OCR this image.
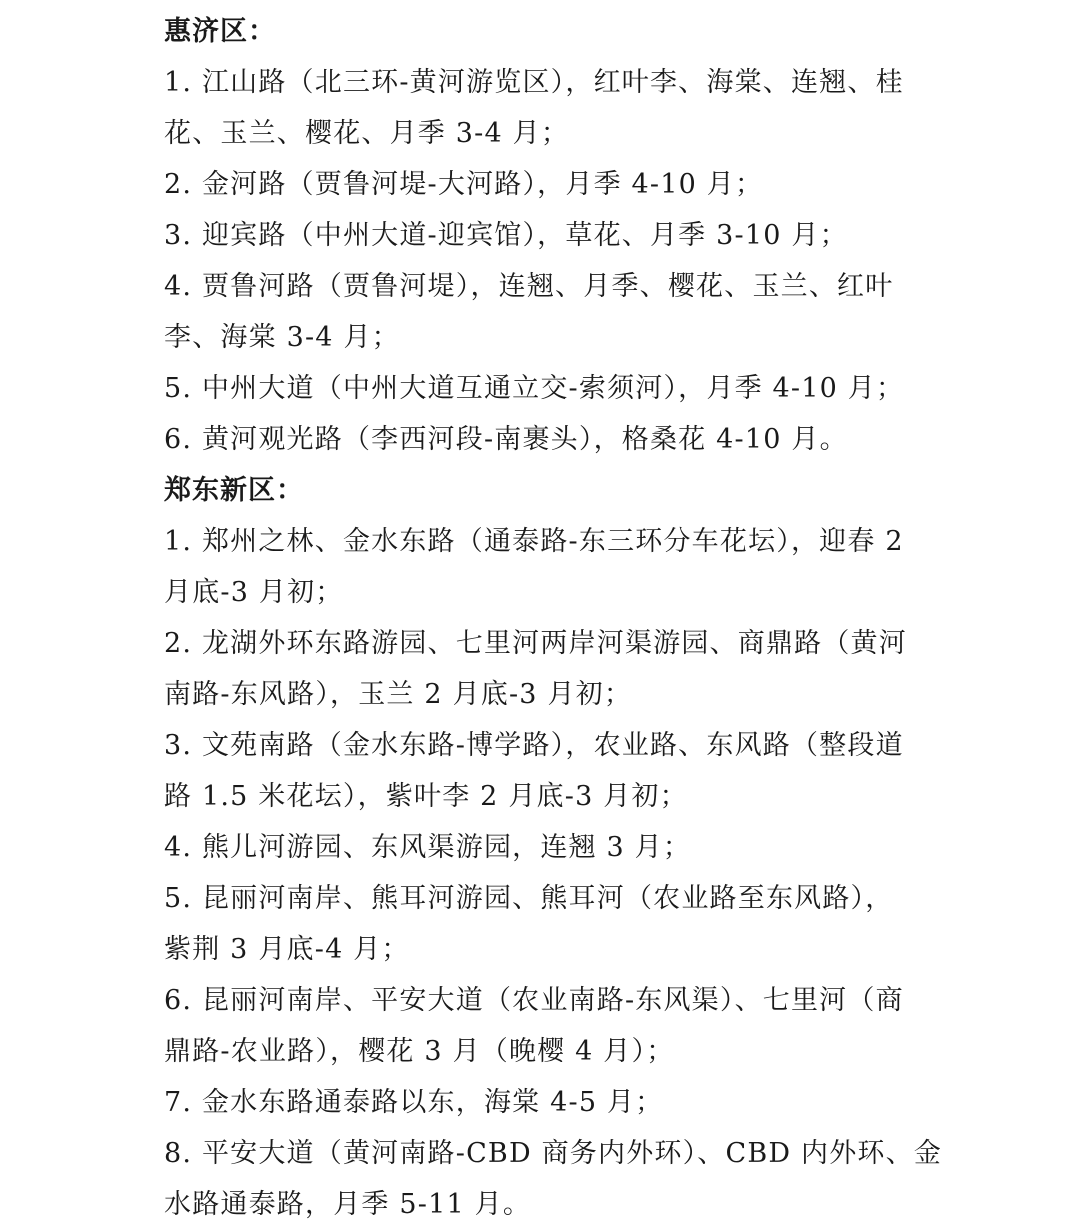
惠济区：
1. 江山路（北三环-黄河游览区），红叶李、海棠、连翘、桂
花、玉兰、樱花、月季 3-4 月；
2. 金河路（贾鲁河堤-大河路），月季 4-10 月；
3. 迎宾路（中州大道-迎宾馆），草花、月季 3-10 月；
4. 贾鲁河路（贾鲁河堤），连翘、月季、樱花、玉兰、红叶
李、海棠 3-4 月；
5. 中州大道（中州大道互通立交-索须河），月季 4-10 月；
6. 黄河观光路（李西河段-南裹头），格桑花 4-10 月。
郑东新区：
1. 郑州之林、金水东路（通泰路-东三环分车花坛），迎春 2
月底-3 月初；
2. 龙湖外环东路游园、七里河两岸河渠游园、商鼎路（黄河
南路-东风路），玉兰 2 月底-3 月初；
3. 文苑南路（金水东路-博学路），农业路、东风路（整段道
路 1.5 米花坛），紫叶李 2 月底-3 月初；
4. 熊儿河游园、东风渠游园，连翘 3 月；
5. 昆丽河南岸、熊耳河游园、熊耳河（农业路至东风路），
紫荆 3 月底-4 月；
6. 昆丽河南岸、平安大道（农业南路-东风渠）、七里河（商
鼎路-农业路），樱花 3 月（晚樱 4 月）；
7. 金水东路通泰路以东，海棠 4-5 月；
8. 平安大道（黄河南路-CBD 商务内外环）、CBD 内外环、金
水路通泰路，月季 5-11 月。
